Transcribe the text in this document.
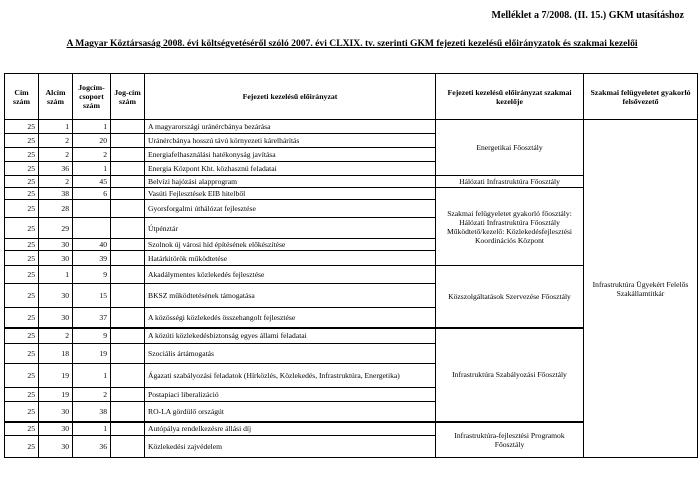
Melléklet a 7/2008. (II. 15.) GKM utasításhoz
A Magyar Köztársaság 2008. évi költségvetéséről szóló 2007. évi CLXIX. tv. szerinti GKM fejezeti kezelésű előirányzatok és szakmai kezelői
Cím szám	Alcím szám	Jogcím-csoport szám	Jog-cím szám	Fejezeti kezelésű előirányzat	Fejezeti kezelésű előirányzat szakmai kezelője	Szakmai felügyeletet gyakorló felsővezető
25	1	1		A magyarországi uránércbánya bezárása	Energetikai Főosztály	Infrastruktúra Ügyekért Felelős Szakállamtitkár
25	2	20		Uránércbánya hosszú távú környezeti kárelhárítás		
25	2	2		Energiafelhasználási hatékonyság javítása		
25	36	1		Energia Központ Kht. közhasznú feladatai		
25	2	45		Belvízi hajózási alapprogram	Hálózati Infrastruktúra Főosztály	
25	38	6		Vasúti Fejlesztések EIB hitelből	Szakmai felügyeletet gyakorló főosztály: Hálózati Infrastruktúra Főosztály Működtető/kezelő: Közlekedésfejlesztési Koordinációs Központ	
25	28			Gyorsforgalmi úthálózat fejlesztése		
25	29			Útpénztár		
25	30	40		Szolnok új városi híd építésének előkészítése		
25	30	39		Határkitörök működtetése		
25	1	9		Akadálymentes közlekedés fejlesztése	Közszolgáltatások Szervezése Főosztály	
25	30	15		BKSZ működtetésének támogatása		
25	30	37		A közösségi közlekedés összehangolt fejlesztése		
25	2	9		A közúti közlekedésbiztonság egyes állami feladatai	Infrastruktúra Szabályozási Főosztály	
25	18	19		Szociális ártámogatás		
25	19	1		Ágazati szabályozási feladatok (Hírközlés, Közlekedés, Infrastruktúra, Energetika)		
25	19	2		Postapiaci liberalizáció		
25	30	38		RO-LA gördülő országút		
25	30	1		Autópálya rendelkezésre állási díj	Infrastruktúra-fejlesztési Programok Főosztály	
25	30	36		Közlekedési zajvédelem		
